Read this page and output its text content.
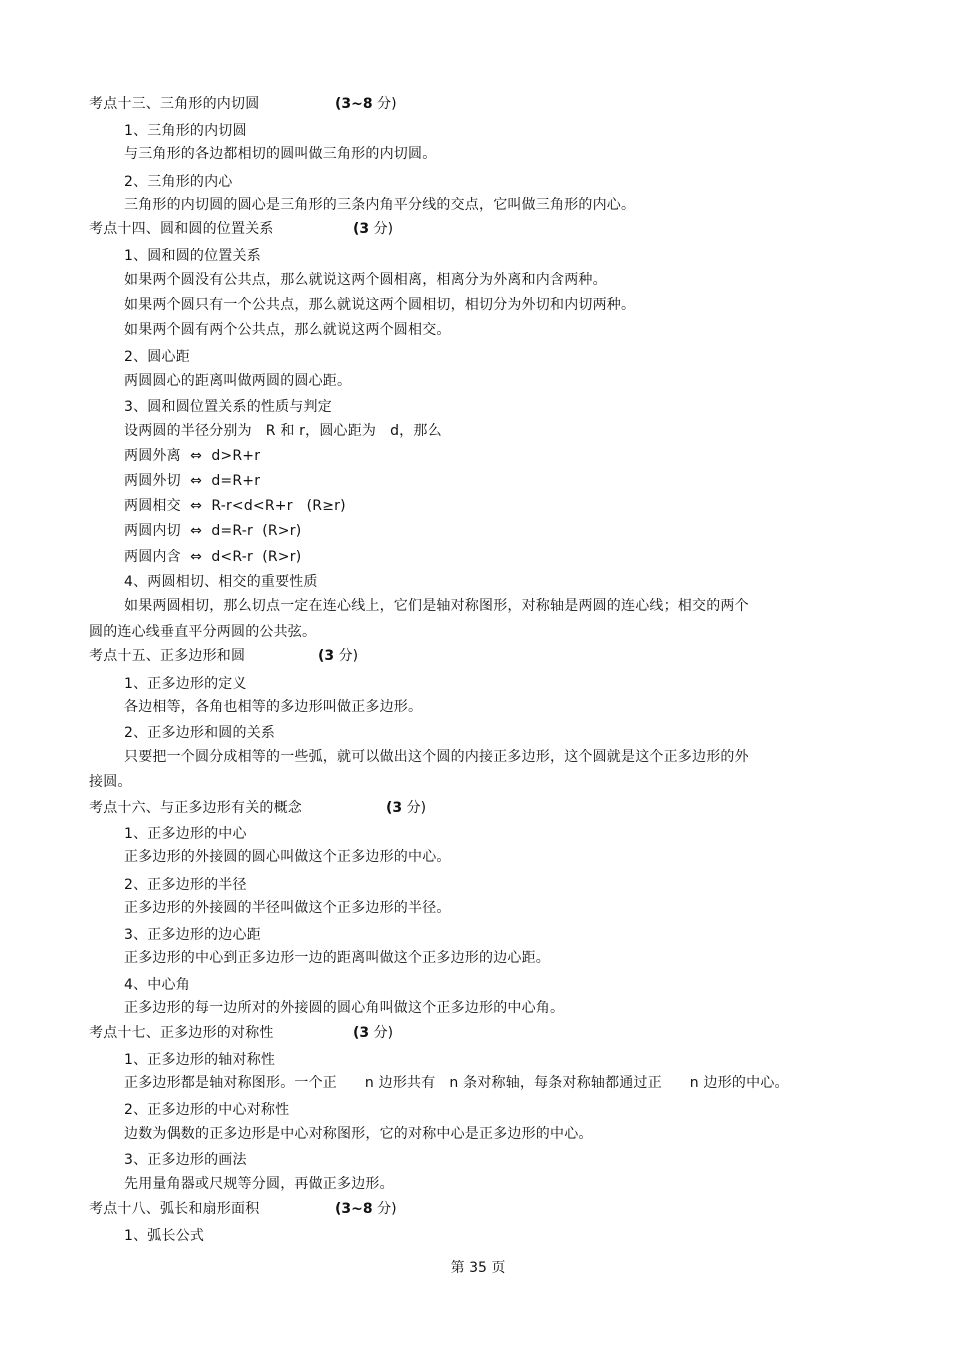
考点十三、三角形的内切圆	(3~8 分)
1、三角形的内切圆
与三角形的各边都相切的圆叫做三角形的内切圆。
2、三角形的内心
三角形的内切圆的圆心是三角形的三条内角平分线的交点，它叫做三角形的内心。
考点十四、圆和圆的位置关系	(3 分)
1、圆和圆的位置关系
如果两个圆没有公共点，那么就说这两个圆相离，相离分为外离和内含两种。
如果两个圆只有一个公共点，那么就说这两个圆相切，相切分为外切和内切两种。
如果两个圆有两个公共点，那么就说这两个圆相交。
2、圆心距
两圆圆心的距离叫做两圆的圆心距。
3、圆和圆位置关系的性质与判定
设两圆的半径分别为   R 和 r，圆心距为   d，那么
两圆外离  ⇔  d>R+r
两圆外切  ⇔  d=R+r
两圆相交  ⇔  R-r<d<R+r   (R≥r)
两圆内切  ⇔  d=R-r  (R>r)
两圆内含  ⇔  d<R-r  (R>r)
4、两圆相切、相交的重要性质
如果两圆相切，那么切点一定在连心线上，它们是轴对称图形，对称轴是两圆的连心线；相交的两个
圆的连心线垂直平分两圆的公共弦。
考点十五、正多边形和圆	(3 分)
1、正多边形的定义
各边相等，各角也相等的多边形叫做正多边形。
2、正多边形和圆的关系
只要把一个圆分成相等的一些弧，就可以做出这个圆的内接正多边形，这个圆就是这个正多边形的外
接圆。
考点十六、与正多边形有关的概念	(3 分)
1、正多边形的中心
正多边形的外接圆的圆心叫做这个正多边形的中心。
2、正多边形的半径
正多边形的外接圆的半径叫做这个正多边形的半径。
3、正多边形的边心距
正多边形的中心到正多边形一边的距离叫做这个正多边形的边心距。
4、中心角
正多边形的每一边所对的外接圆的圆心角叫做这个正多边形的中心角。
考点十七、正多边形的对称性	(3 分)
1、正多边形的轴对称性
正多边形都是轴对称图形。一个正      n 边形共有   n 条对称轴，每条对称轴都通过正      n 边形的中心。
2、正多边形的中心对称性
边数为偶数的正多边形是中心对称图形，它的对称中心是正多边形的中心。
3、正多边形的画法
先用量角器或尺规等分圆，再做正多边形。
考点十八、弧长和扇形面积	(3~8 分)
1、弧长公式
第 35 页
